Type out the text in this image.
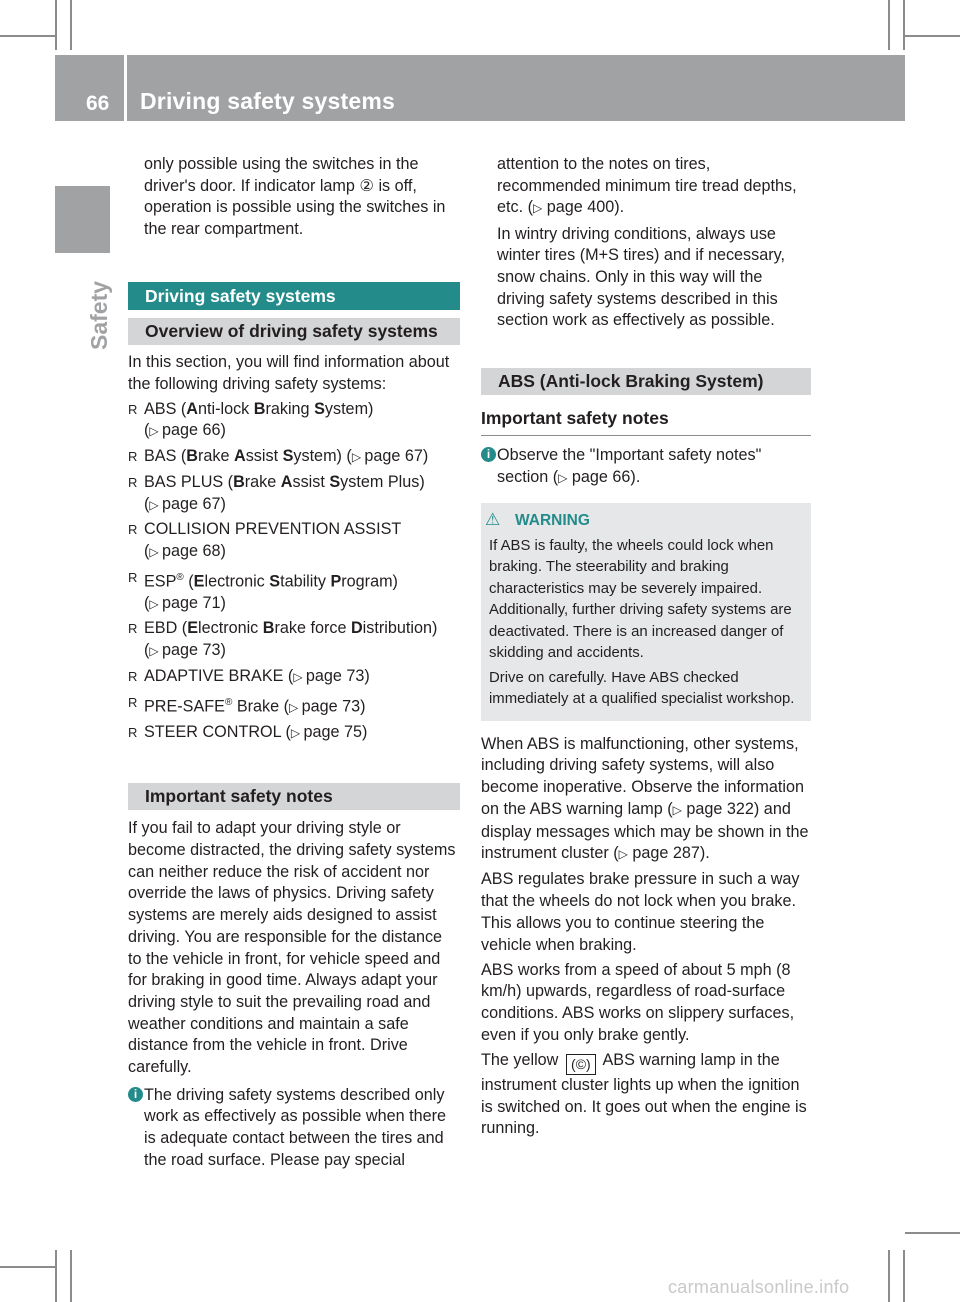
66 Driving safety systems
Safety
only possible using the switches in the
driver's door. If indicator lamp ② is off,
operation is possible using the switches in
the rear compartment.
Driving safety systems
Overview of driving safety systems

In this section, you will find information about the following driving safety systems:

R ABS (Anti-lock Braking System)
(▷ page 66)
R BAS (Brake Assist System) (▷ page 67)
R BAS PLUS (Brake Assist System Plus)
(▷ page 67)
R COLLISION PREVENTION ASSIST
(▷ page 68)
R ESP® (Electronic Stability Program)
(▷ page 71)
R EBD (Electronic Brake force Distribution)
(▷ page 73)
R ADAPTIVE BRAKE (▷ page 73)
R PRE-SAFE® Brake (▷ page 73)
R STEER CONTROL (▷ page 75)
Important safety notes

If you fail to adapt your driving style or become distracted, the driving safety systems can neither reduce the risk of accident nor override the laws of physics. Driving safety systems are merely aids designed to assist driving. You are responsible for the distance to the vehicle in front, for vehicle speed and for braking in good time. Always adapt your driving style to suit the prevailing road and weather conditions and maintain a safe distance from the vehicle in front. Drive carefully.

i The driving safety systems described only work as effectively as possible when there is adequate contact between the tires and the road surface. Please pay special

attention to the notes on tires, recommended minimum tire tread depths, etc. (▷ page 400).

In wintry driving conditions, always use winter tires (M+S tires) and if necessary, snow chains. Only in this way will the driving safety systems described in this section work as effectively as possible.

ABS (Anti-lock Braking System)
Important safety notes
i Observe the "Important safety notes" section (▷ page 66).
⚠ WARNING

If ABS is faulty, the wheels could lock when braking. The steerability and braking characteristics may be severely impaired. Additionally, further driving safety systems are deactivated. There is an increased danger of skidding and accidents.

Drive on carefully. Have ABS checked immediately at a qualified specialist workshop.

When ABS is malfunctioning, other systems, including driving safety systems, will also become inoperative. Observe the information on the ABS warning lamp (▷ page 322) and display messages which may be shown in the instrument cluster (▷ page 287).

ABS regulates brake pressure in such a way that the wheels do not lock when you brake. This allows you to continue steering the vehicle when braking.

ABS works from a speed of about 5 mph (8 km/h) upwards, regardless of road-surface conditions. ABS works on slippery surfaces, even if you only brake gently.

The yellow (©) ABS warning lamp in the instrument cluster lights up when the ignition is switched on. It goes out when the engine is running.

carmanualsonline.info
